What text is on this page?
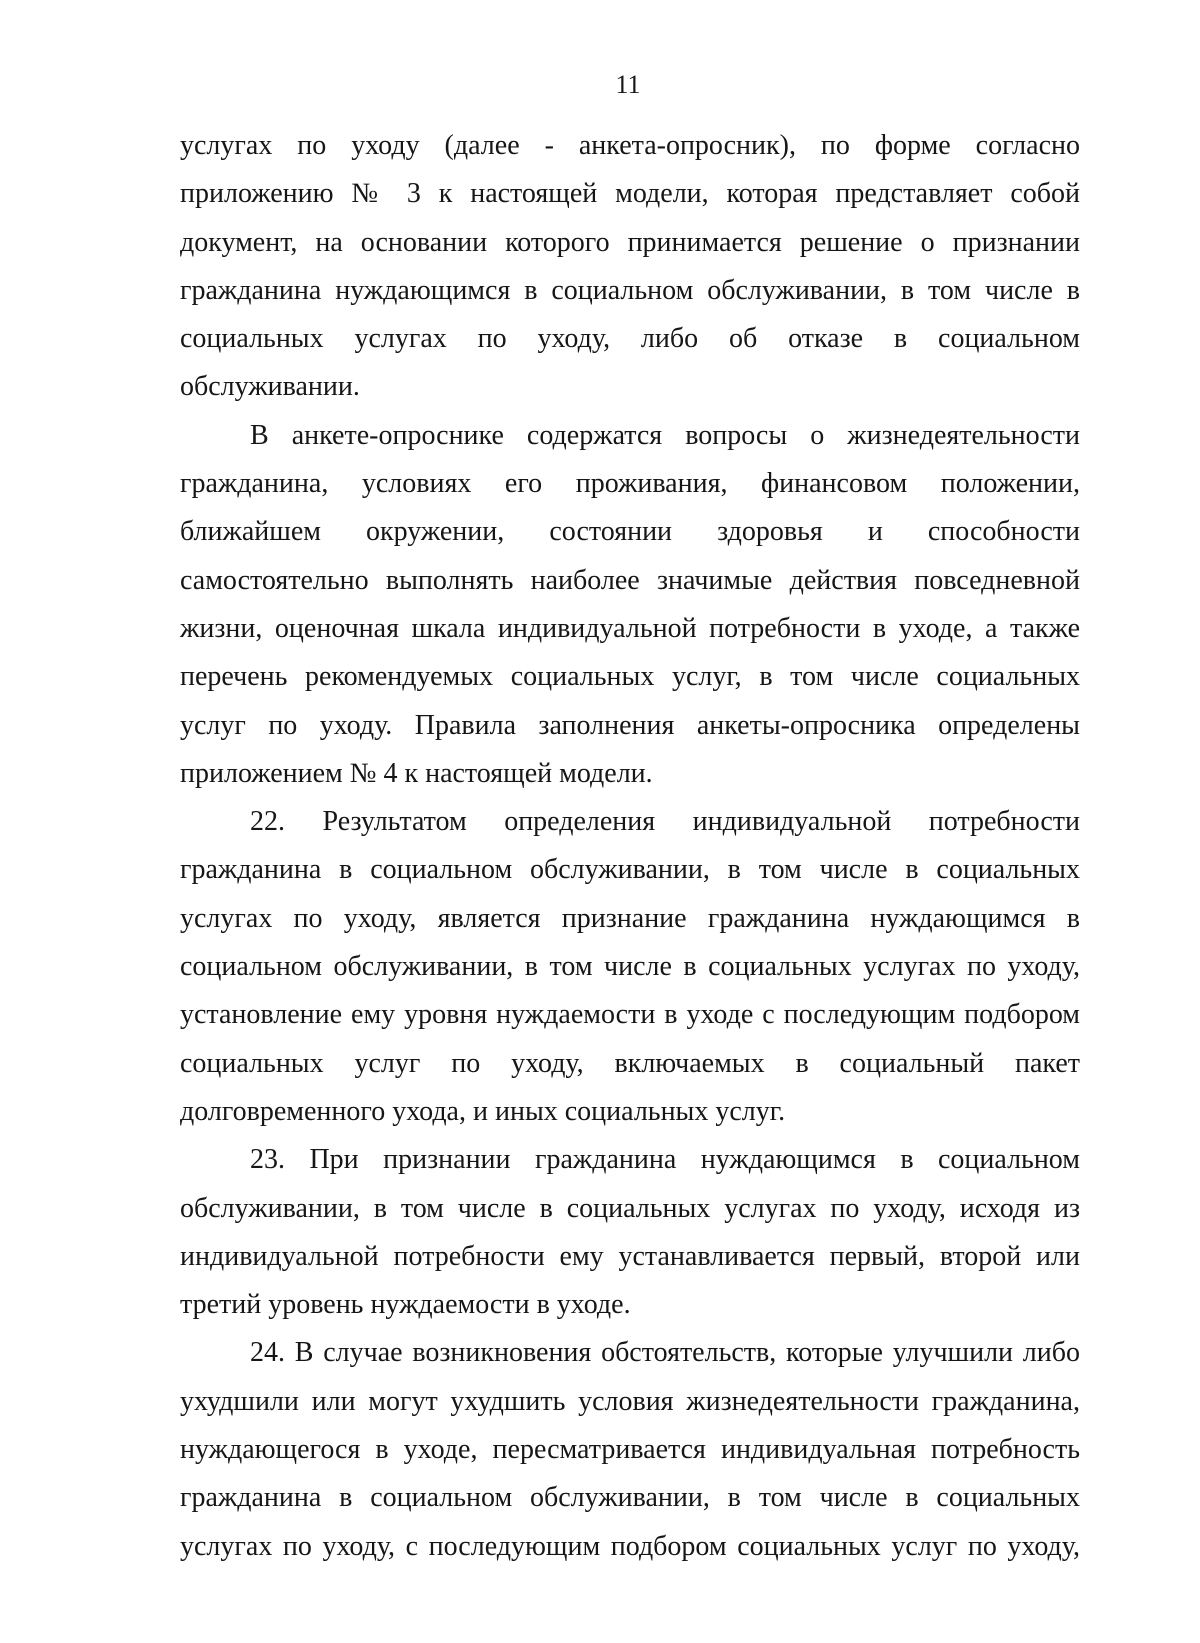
11
услугах по уходу (далее - анкета-опросник), по форме согласно
приложению № 3 к настоящей модели, которая представляет собой
документ, на основании которого принимается решение о признании
гражданина нуждающимся в социальном обслуживании, в том числе в
социальных услугах по уходу, либо об отказе в социальном
обслуживании.
В анкете-опроснике содержатся вопросы о жизнедеятельности
гражданина, условиях его проживания, финансовом положении,
ближайшем окружении, состоянии здоровья и способности
самостоятельно выполнять наиболее значимые действия повседневной
жизни, оценочная шкала индивидуальной потребности в уходе, а также
перечень рекомендуемых социальных услуг, в том числе социальных
услуг по уходу. Правила заполнения анкеты-опросника определены
приложением № 4 к настоящей модели.
22. Результатом определения индивидуальной потребности
гражданина в социальном обслуживании, в том числе в социальных
услугах по уходу, является признание гражданина нуждающимся в
социальном обслуживании, в том числе в социальных услугах по уходу,
установление ему уровня нуждаемости в уходе с последующим подбором
социальных услуг по уходу, включаемых в социальный пакет
долговременного ухода, и иных социальных услуг.
23. При признании гражданина нуждающимся в социальном
обслуживании, в том числе в социальных услугах по уходу, исходя из
индивидуальной потребности ему устанавливается первый, второй или
третий уровень нуждаемости в уходе.
24. В случае возникновения обстоятельств, которые улучшили либо
ухудшили или могут ухудшить условия жизнедеятельности гражданина,
нуждающегося в уходе, пересматривается индивидуальная потребность
гражданина в социальном обслуживании, в том числе в социальных
услугах по уходу, с последующим подбором социальных услуг по уходу,
